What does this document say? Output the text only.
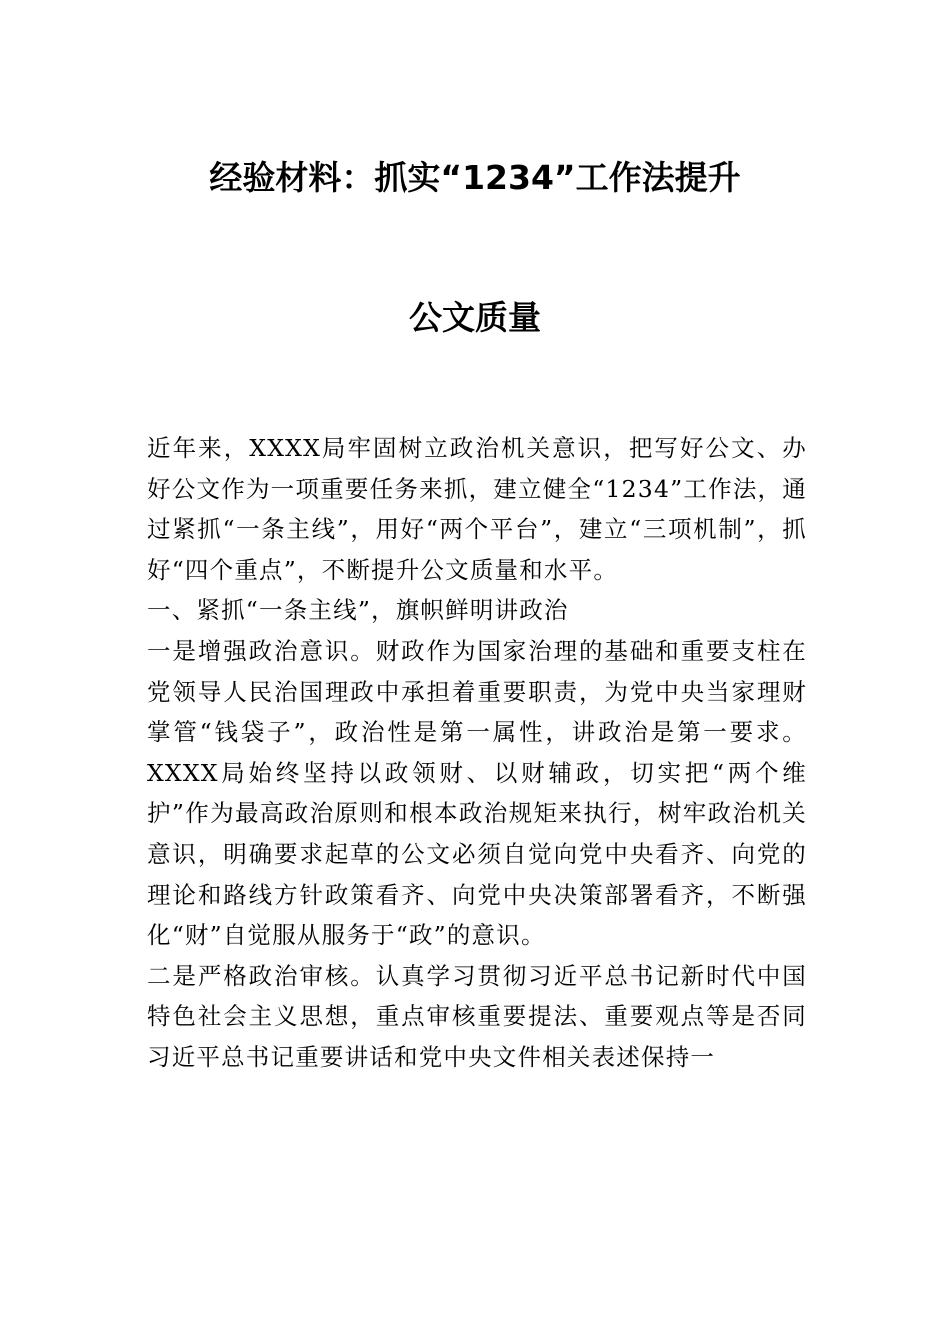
经验材料：抓实“1234”工作法提升
公文质量

近年来，XXXX局牢固树立政治机关意识，把写好公文、办好公文作为一项重要任务来抓，建立健全“1234”工作法，通过紧抓“一条主线”，用好“两个平台”，建立“三项机制”，抓好“四个重点”，不断提升公文质量和水平。

一、紧抓“一条主线”，旗帜鲜明讲政治

一是增强政治意识。财政作为国家治理的基础和重要支柱在党领导人民治国理政中承担着重要职责，为党中央当家理财掌管“钱袋子”，政治性是第一属性，讲政治是第一要求。XXXX局始终坚持以政领财、以财辅政，切实把“两个维护”作为最高政治原则和根本政治规矩来执行，树牢政治机关意识，明确要求起草的公文必须自觉向党中央看齐、向党的理论和路线方针政策看齐、向党中央决策部署看齐，不断强化“财”自觉服从服务于“政”的意识。

二是严格政治审核。认真学习贯彻习近平总书记新时代中国特色社会主义思想，重点审核重要提法、重要观点等是否同习近平总书记重要讲话和党中央文件相关表述保持一
